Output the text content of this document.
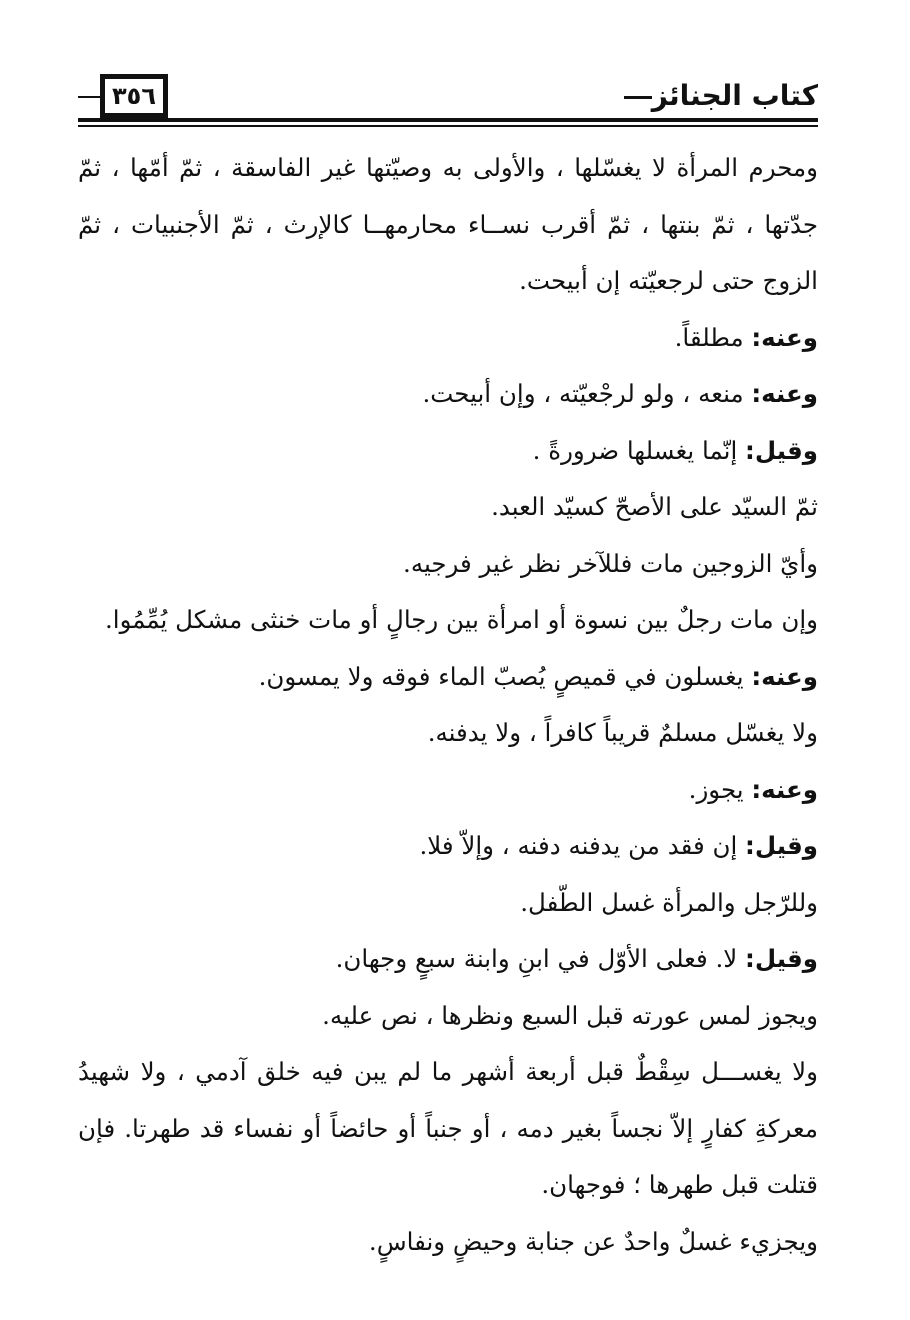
٣٥٦	كتاب الجنائز

ومحرم المرأة لا يغسّلها ، والأولى به وصيّتها غير الفاسقة ، ثمّ أمّها ، ثمّ جدّتها ، ثمّ بنتها ، ثمّ أقرب نســاء محارمهــا كالإرث ، ثمّ الأجنبيات ، ثمّ الزوج حتى لرجعيّته إن أبيحت.

وعنه: مطلقاً.

وعنه: منعه ، ولو لرجْعيّته ، وإن أبيحت.

وقيل: إنّما يغسلها ضرورةً .

ثمّ السيّد على الأصحّ كسيّد العبد.

وأيّ الزوجين مات فللآخر نظر غير فرجيه.

وإن مات رجلٌ بين نسوة أو امرأة بين رجالٍ أو مات خنثى مشكل يُمِّمُوا.

وعنه: يغسلون في قميصٍ يُصبّ الماء فوقه ولا يمسون.

ولا يغسّل مسلمٌ قريباً كافراً ، ولا يدفنه.

وعنه: يجوز.

وقيل: إن فقد من يدفنه دفنه ، وإلاّ فلا.

وللرّجل والمرأة غسل الطّفل.

وقيل: لا. فعلى الأوّل في ابنِ وابنة سبعٍ وجهان.

ويجوز لمس عورته قبل السبع ونظرها ، نص عليه.

ولا يغســـل سِقْطٌ قبل أربعة أشهر ما لم يبن فيه خلق آدمي ، ولا شهيدُ معركةِ كفارٍ إلاّ نجساً بغير دمه ، أو جنباً أو حائضاً أو نفساء قد طهرتا. فإن قتلت قبل طهرها ؛ فوجهان.

ويجزيء غسلٌ واحدٌ عن جنابة وحيضٍ ونفاسٍ.
